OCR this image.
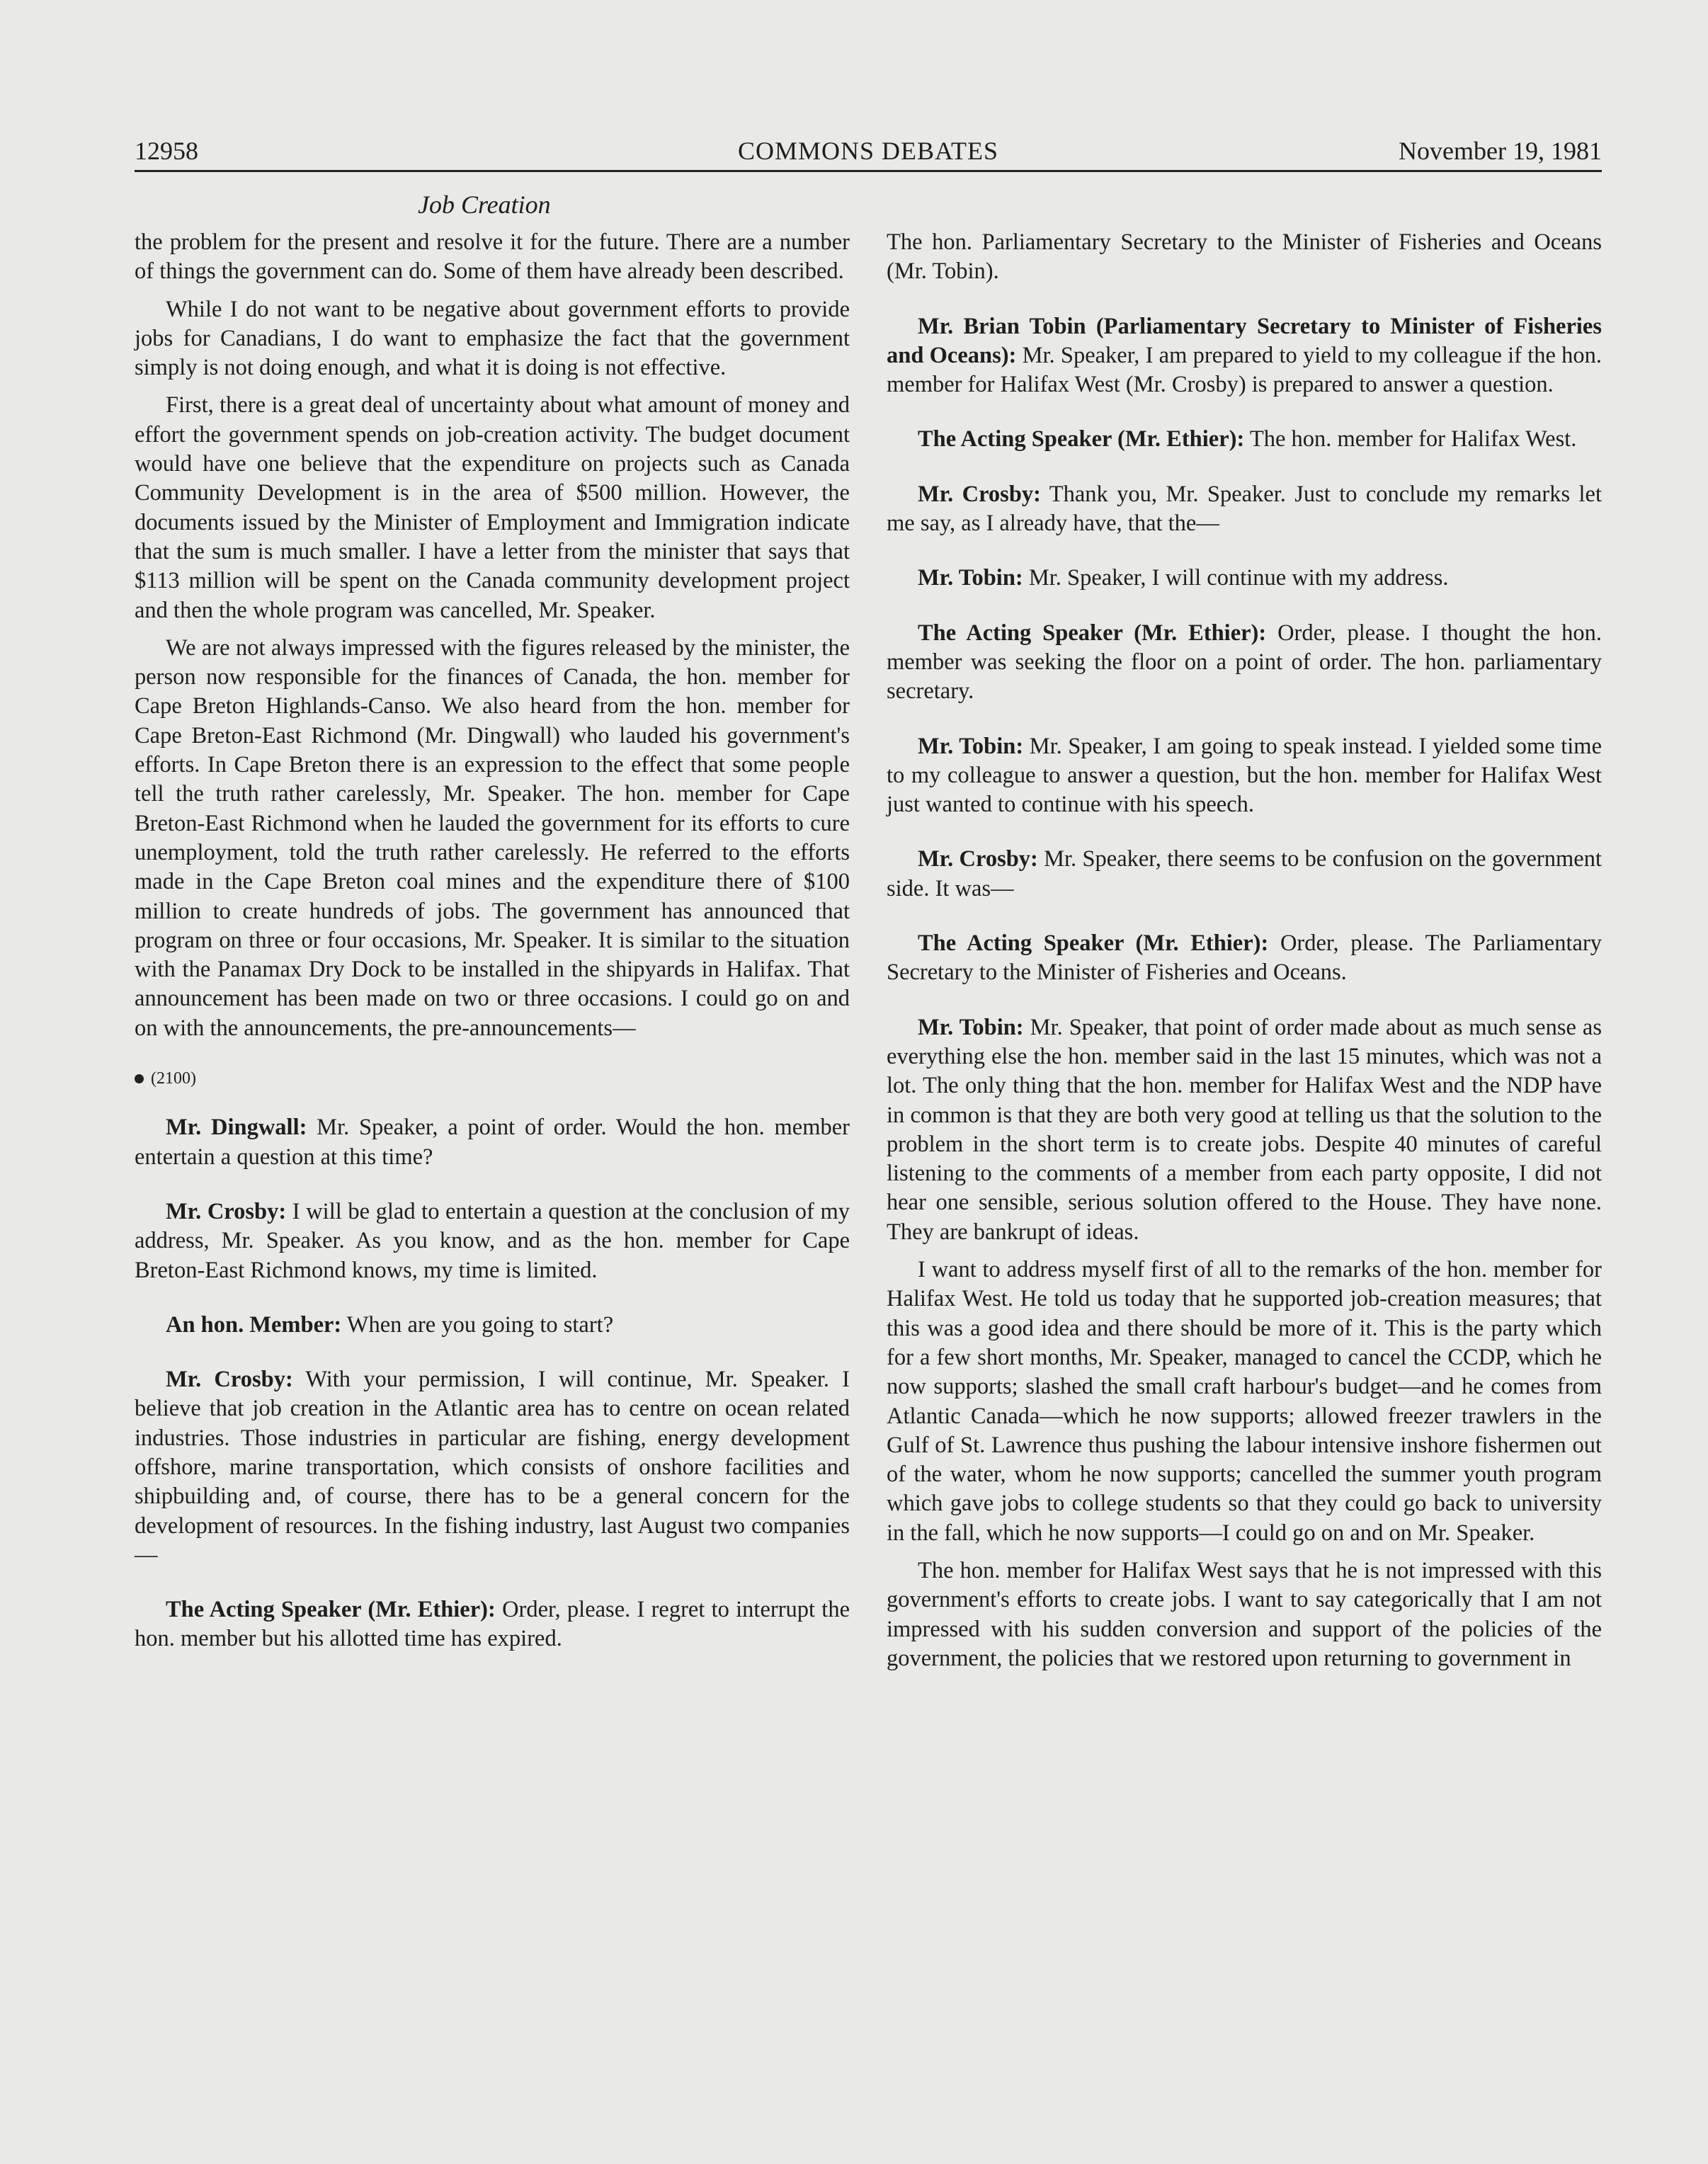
12958	COMMONS DEBATES	November 19, 1981
Job Creation

the problem for the present and resolve it for the future. There are a number of things the government can do. Some of them have already been described.

While I do not want to be negative about government efforts to provide jobs for Canadians, I do want to emphasize the fact that the government simply is not doing enough, and what it is doing is not effective.

First, there is a great deal of uncertainty about what amount of money and effort the government spends on job-creation activity. The budget document would have one believe that the expenditure on projects such as Canada Community Development is in the area of $500 million. However, the documents issued by the Minister of Employment and Immigration indicate that the sum is much smaller. I have a letter from the minister that says that $113 million will be spent on the Canada community development project and then the whole program was cancelled, Mr. Speaker.

We are not always impressed with the figures released by the minister, the person now responsible for the finances of Canada, the hon. member for Cape Breton Highlands-Canso. We also heard from the hon. member for Cape Breton-East Richmond (Mr. Dingwall) who lauded his government's efforts. In Cape Breton there is an expression to the effect that some people tell the truth rather carelessly, Mr. Speaker. The hon. member for Cape Breton-East Richmond when he lauded the government for its efforts to cure unemployment, told the truth rather carelessly. He referred to the efforts made in the Cape Breton coal mines and the expenditure there of $100 million to create hundreds of jobs. The government has announced that program on three or four occasions, Mr. Speaker. It is similar to the situation with the Panamax Dry Dock to be installed in the shipyards in Halifax. That announcement has been made on two or three occasions. I could go on and on with the announcements, the pre-announcements—

(2100)

Mr. Dingwall: Mr. Speaker, a point of order. Would the hon. member entertain a question at this time?

Mr. Crosby: I will be glad to entertain a question at the conclusion of my address, Mr. Speaker. As you know, and as the hon. member for Cape Breton-East Richmond knows, my time is limited.

An hon. Member: When are you going to start?

Mr. Crosby: With your permission, I will continue, Mr. Speaker. I believe that job creation in the Atlantic area has to centre on ocean related industries. Those industries in particular are fishing, energy development offshore, marine transportation, which consists of onshore facilities and shipbuilding and, of course, there has to be a general concern for the development of resources. In the fishing industry, last August two companies—

The Acting Speaker (Mr. Ethier): Order, please. I regret to interrupt the hon. member but his allotted time has expired.

The hon. Parliamentary Secretary to the Minister of Fisheries and Oceans (Mr. Tobin).

Mr. Brian Tobin (Parliamentary Secretary to Minister of Fisheries and Oceans): Mr. Speaker, I am prepared to yield to my colleague if the hon. member for Halifax West (Mr. Crosby) is prepared to answer a question.

The Acting Speaker (Mr. Ethier): The hon. member for Halifax West.

Mr. Crosby: Thank you, Mr. Speaker. Just to conclude my remarks let me say, as I already have, that the—

Mr. Tobin: Mr. Speaker, I will continue with my address.

The Acting Speaker (Mr. Ethier): Order, please. I thought the hon. member was seeking the floor on a point of order. The hon. parliamentary secretary.

Mr. Tobin: Mr. Speaker, I am going to speak instead. I yielded some time to my colleague to answer a question, but the hon. member for Halifax West just wanted to continue with his speech.

Mr. Crosby: Mr. Speaker, there seems to be confusion on the government side. It was—

The Acting Speaker (Mr. Ethier): Order, please. The Parliamentary Secretary to the Minister of Fisheries and Oceans.

Mr. Tobin: Mr. Speaker, that point of order made about as much sense as everything else the hon. member said in the last 15 minutes, which was not a lot. The only thing that the hon. member for Halifax West and the NDP have in common is that they are both very good at telling us that the solution to the problem in the short term is to create jobs. Despite 40 minutes of careful listening to the comments of a member from each party opposite, I did not hear one sensible, serious solution offered to the House. They have none. They are bankrupt of ideas.

I want to address myself first of all to the remarks of the hon. member for Halifax West. He told us today that he supported job-creation measures; that this was a good idea and there should be more of it. This is the party which for a few short months, Mr. Speaker, managed to cancel the CCDP, which he now supports; slashed the small craft harbour's budget—and he comes from Atlantic Canada—which he now supports; allowed freezer trawlers in the Gulf of St. Lawrence thus pushing the labour intensive inshore fishermen out of the water, whom he now supports; cancelled the summer youth program which gave jobs to college students so that they could go back to university in the fall, which he now supports—I could go on and on Mr. Speaker.

The hon. member for Halifax West says that he is not impressed with this government's efforts to create jobs. I want to say categorically that I am not impressed with his sudden conversion and support of the policies of the government, the policies that we restored upon returning to government in
